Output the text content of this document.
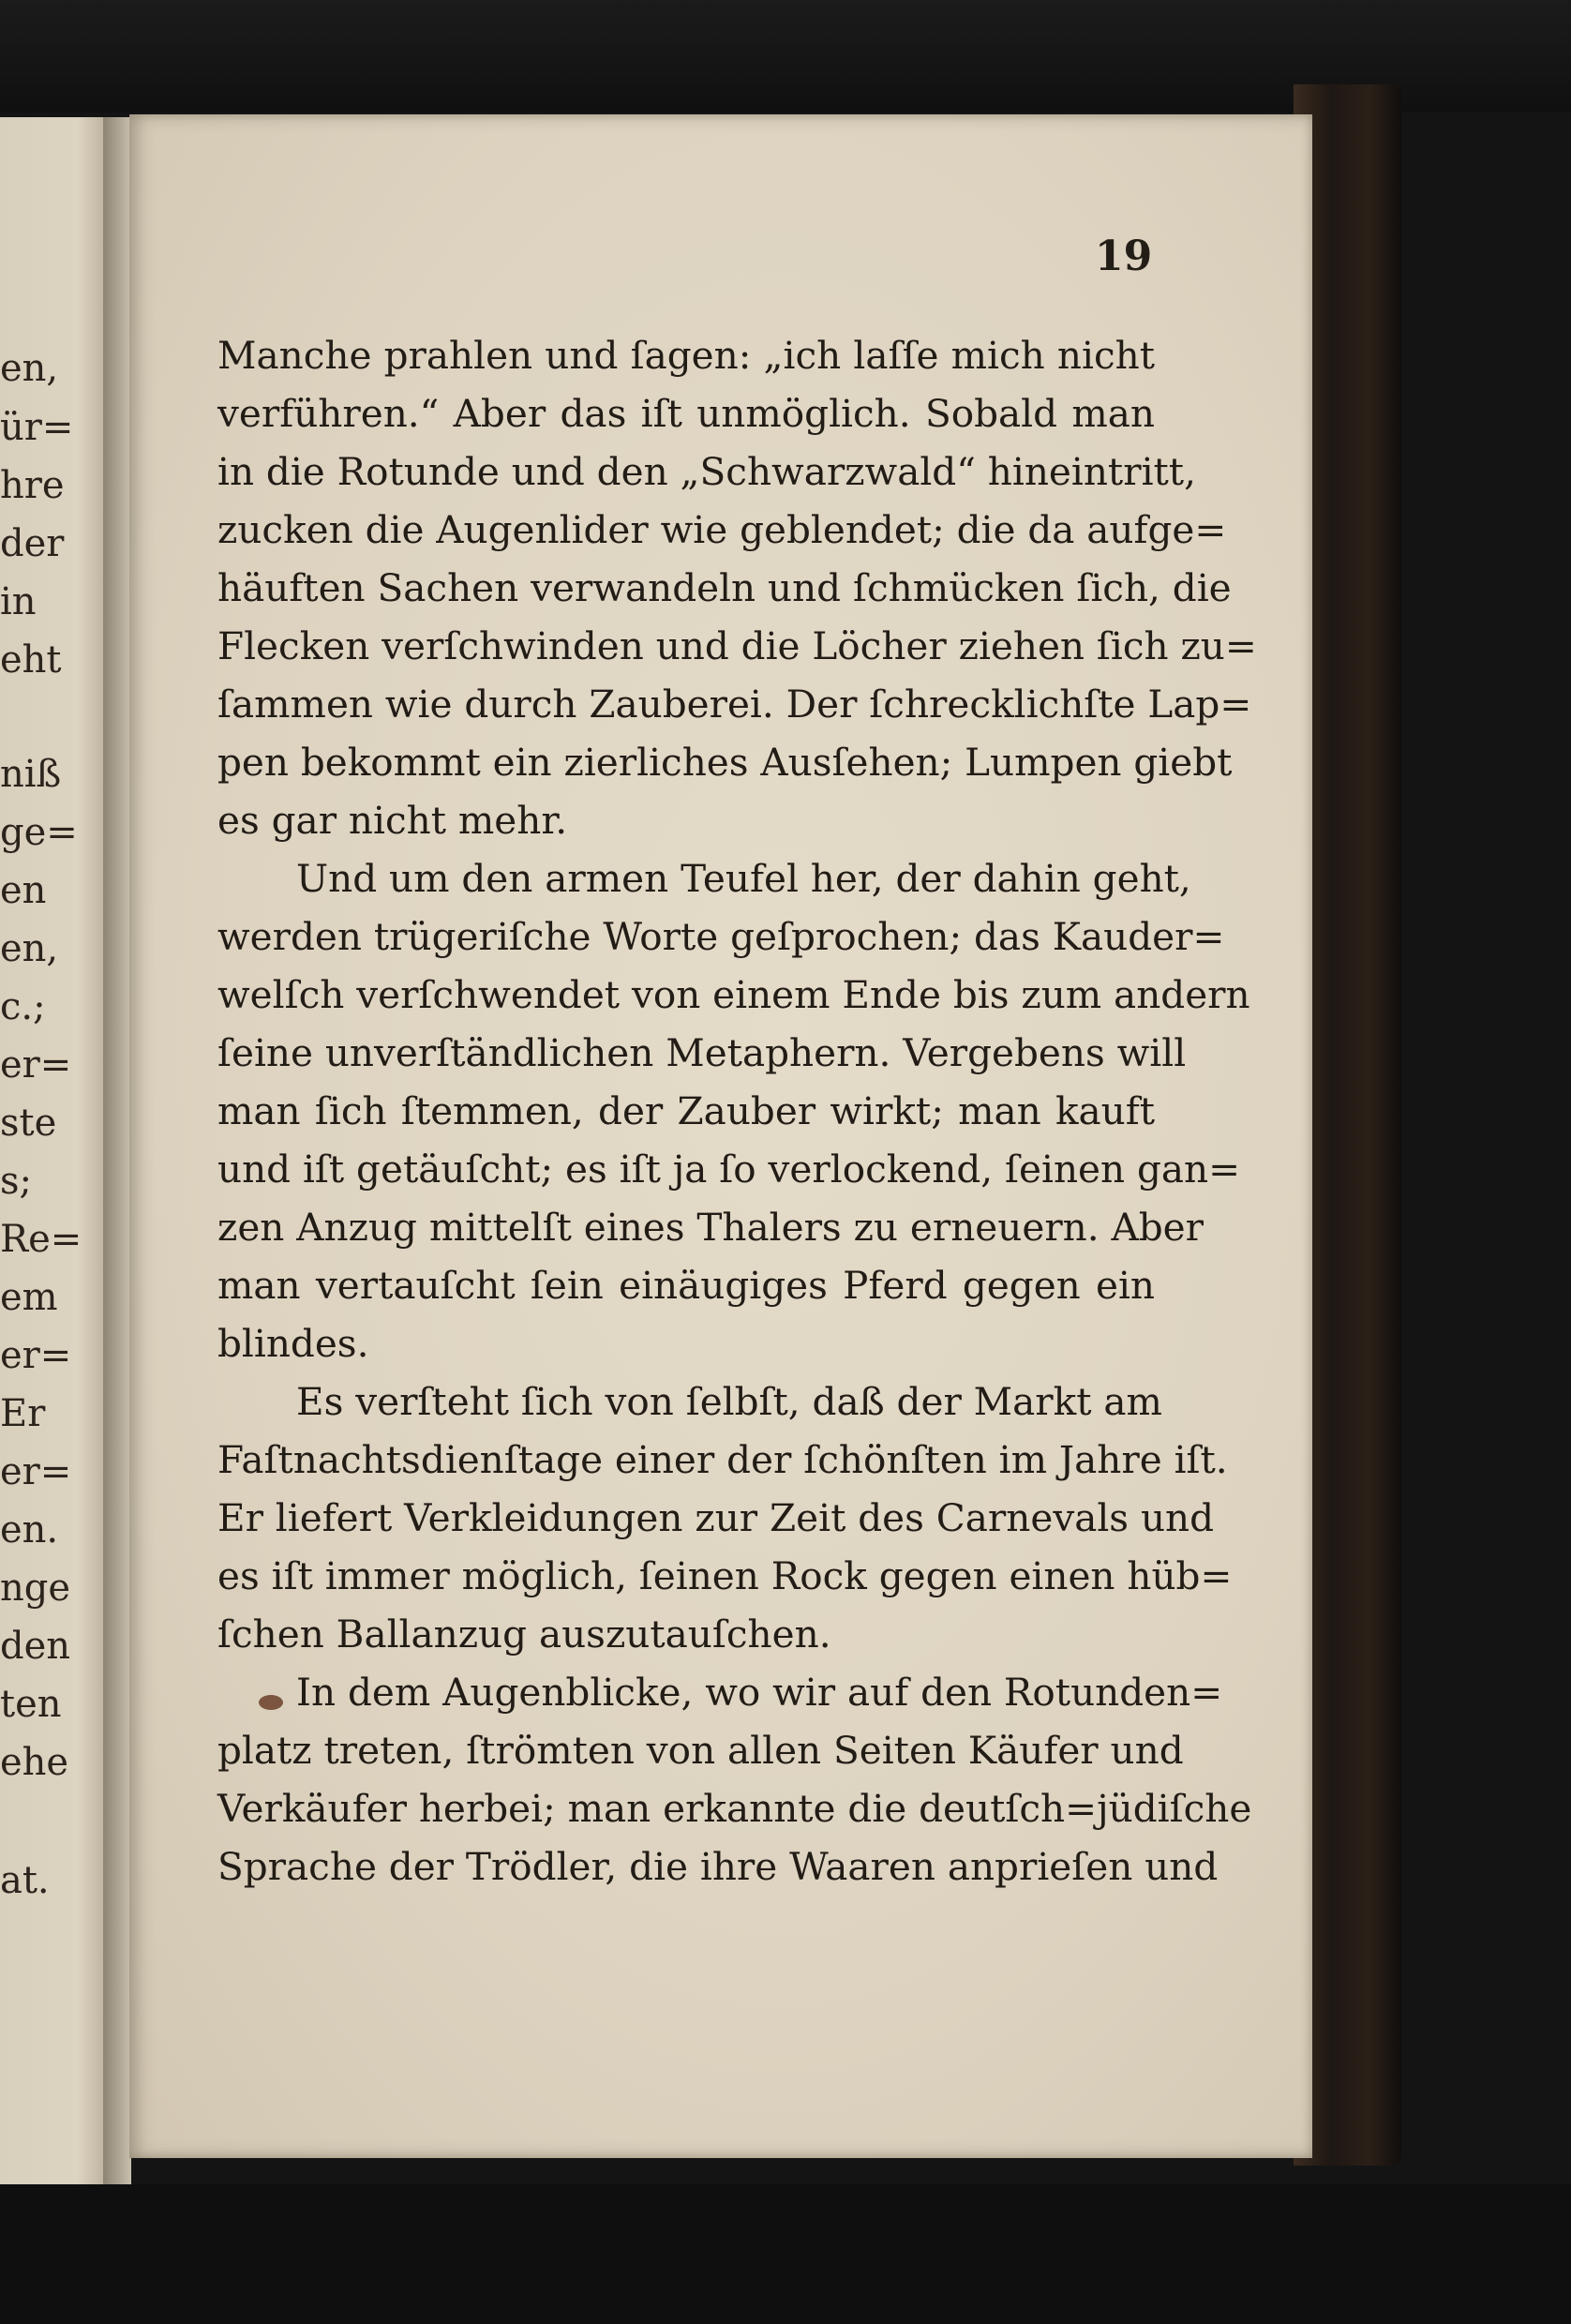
en,
ür=
hre
der
in
eht
niß
ge=
en
en,
c.;
er=
ste
s;
Re=
em
er=
Er
er=
en.
nge
den
ten
ehe
at.
19
Manche prahlen und ſagen: „ich laſſe mich nicht
verführen.“ Aber das iſt unmöglich. Sobald man
in die Rotunde und den „Schwarzwald“ hineintritt,
zucken die Augenlider wie geblendet; die da aufge=
häuften Sachen verwandeln und ſchmücken ſich, die
Flecken verſchwinden und die Löcher ziehen ſich zu=
ſammen wie durch Zauberei. Der ſchrecklichſte Lap=
pen bekommt ein zierliches Ausſehen; Lumpen giebt
es gar nicht mehr.
Und um den armen Teufel her, der dahin geht,
werden trügeriſche Worte geſprochen; das Kauder=
welſch verſchwendet von einem Ende bis zum andern
ſeine unverſtändlichen Metaphern. Vergebens will
man ſich ſtemmen, der Zauber wirkt; man kauft
und iſt getäuſcht; es iſt ja ſo verlockend, ſeinen gan=
zen Anzug mittelſt eines Thalers zu erneuern. Aber
man vertauſcht ſein einäugiges Pferd gegen ein
blindes.
Es verſteht ſich von ſelbſt, daß der Markt am
Faſtnachtsdienſtage einer der ſchönſten im Jahre iſt.
Er liefert Verkleidungen zur Zeit des Carnevals und
es iſt immer möglich, ſeinen Rock gegen einen hüb=
ſchen Ballanzug auszutauſchen.
In dem Augenblicke, wo wir auf den Rotunden=
platz treten, ſtrömten von allen Seiten Käufer und
Verkäufer herbei; man erkannte die deutſch=jüdiſche
Sprache der Trödler, die ihre Waaren anprieſen und
